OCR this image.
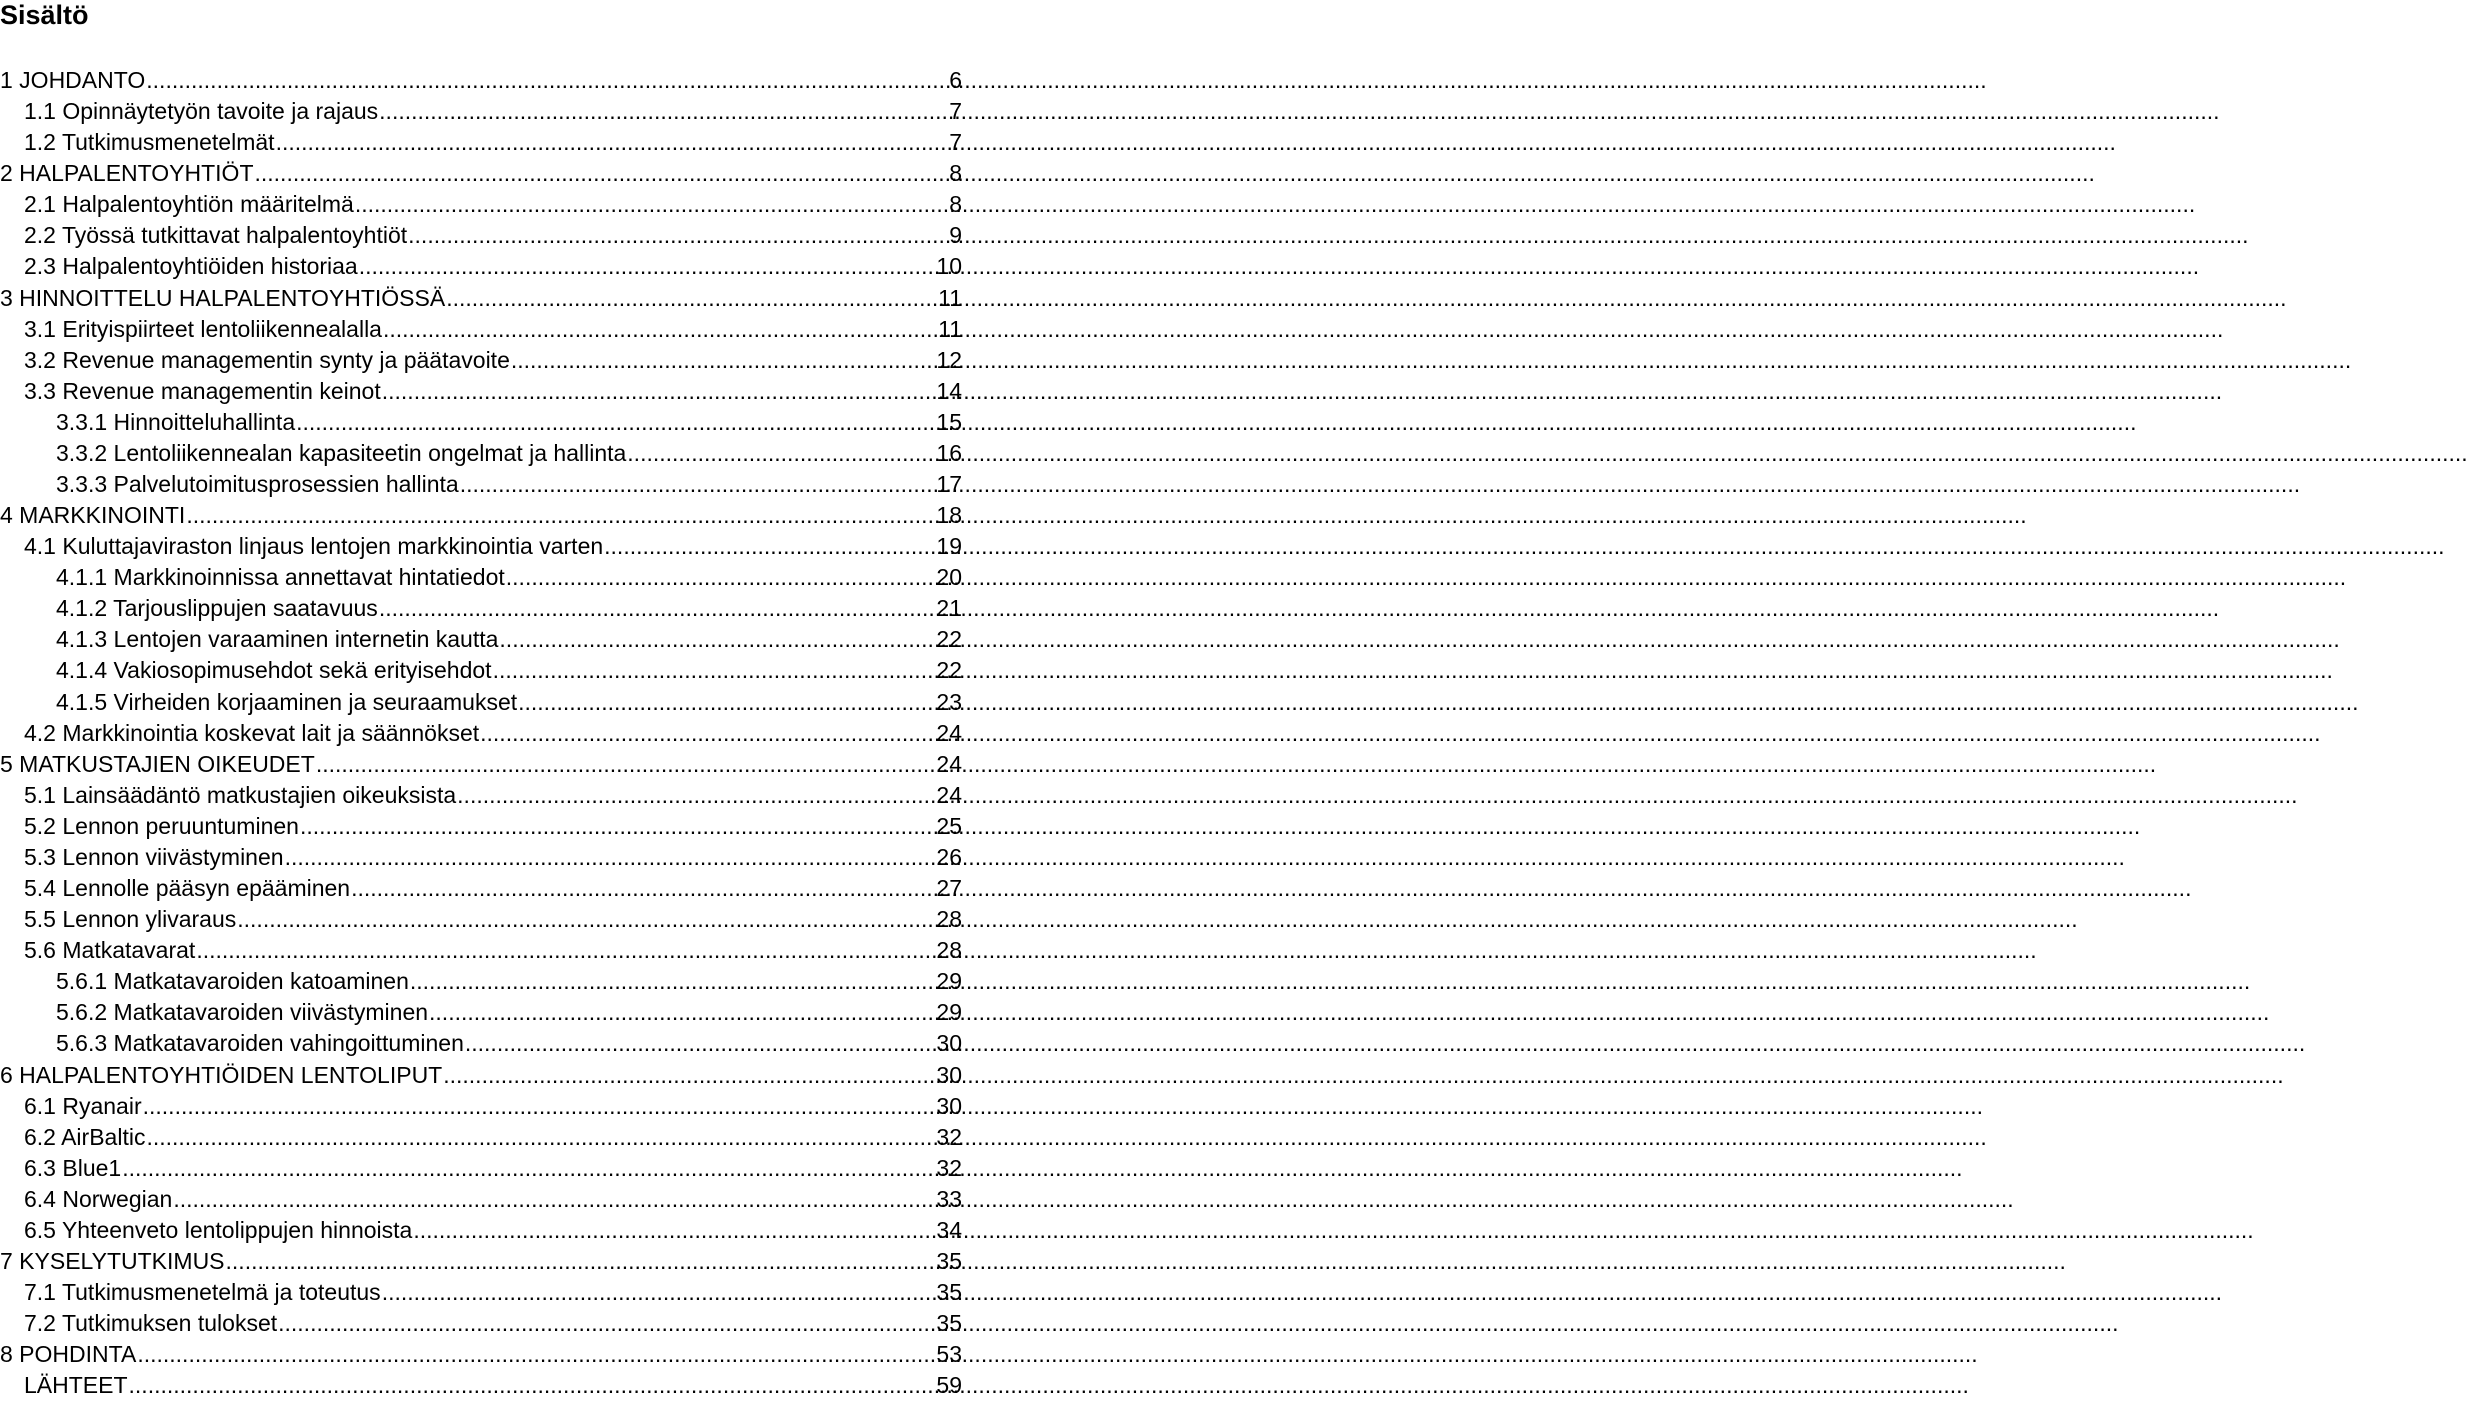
Sisältö
1 JOHDANTO .....	6
1.1 Opinnäytetyön tavoite ja rajaus .....	7
1.2 Tutkimusmenetelmät .....	7
2 HALPALENTOYHTIÖT .....	8
2.1 Halpalentoyhtiön määritelmä .....	8
2.2 Työssä tutkittavat halpalentoyhtiöt .....	9
2.3 Halpalentoyhtiöiden historiaa .....	10
3 HINNOITTELU HALPALENTOYHTIÖSSÄ .....	11
3.1 Erityispiirteet lentoliikennealalla .....	11
3.2 Revenue managementin synty ja päätavoite .....	12
3.3 Revenue managementin keinot .....	14
3.3.1 Hinnoitteluhallinta .....	15
3.3.2 Lentoliikennealan kapasiteetin ongelmat ja hallinta .....	16
3.3.3 Palvelutoimitusprosessien hallinta .....	17
4 MARKKINOINTI .....	18
4.1 Kuluttajaviraston linjaus lentojen markkinointia varten .....	19
4.1.1 Markkinoinnissa annettavat hintatiedot .....	20
4.1.2 Tarjouslippujen saatavuus .....	21
4.1.3 Lentojen varaaminen internetin kautta .....	22
4.1.4 Vakiosopimusehdot sekä erityisehdot .....	22
4.1.5 Virheiden korjaaminen ja seuraamukset .....	23
4.2 Markkinointia koskevat lait ja säännökset .....	24
5 MATKUSTAJIEN OIKEUDET .....	24
5.1 Lainsäädäntö matkustajien oikeuksista .....	24
5.2 Lennon peruuntuminen .....	25
5.3 Lennon viivästyminen .....	26
5.4 Lennolle pääsyn epääminen .....	27
5.5 Lennon ylivaraus .....	28
5.6 Matkatavarat .....	28
5.6.1 Matkatavaroiden katoaminen .....	29
5.6.2 Matkatavaroiden viivästyminen .....	29
5.6.3 Matkatavaroiden vahingoittuminen .....	30
6 HALPALENTOYHTIÖIDEN LENTOLIPUT .....	30
6.1 Ryanair .....	30
6.2 AirBaltic .....	32
6.3 Blue1 .....	32
6.4 Norwegian .....	33
6.5 Yhteenveto lentolippujen hinnoista .....	34
7 KYSELYTUTKIMUS .....	35
7.1 Tutkimusmenetelmä ja toteutus .....	35
7.2 Tutkimuksen tulokset .....	35
8 POHDINTA .....	53
LÄHTEET .....	59
